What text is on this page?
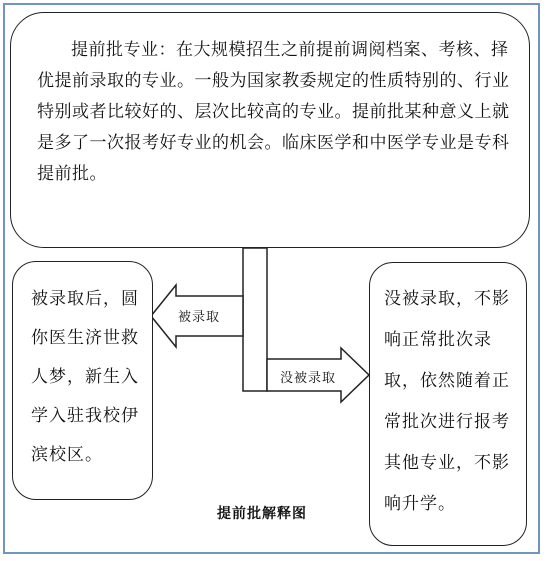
提前批专业：在大规模招生之前提前调阅档案、考核、择优提前录取的专业。一般为国家教委规定的性质特别的、行业特别或者比较好的、层次比较高的专业。提前批某种意义上就是多了一次报考好专业的机会。临床医学和中医学专业是专科提前批。

被录取
没被录取

被录取后，圆你医生济世救人梦，新生入学入驻我校伊滨校区。

没被录取，不影响正常批次录取，依然随着正常批次进行报考其他专业，不影响升学。

提前批解释图
